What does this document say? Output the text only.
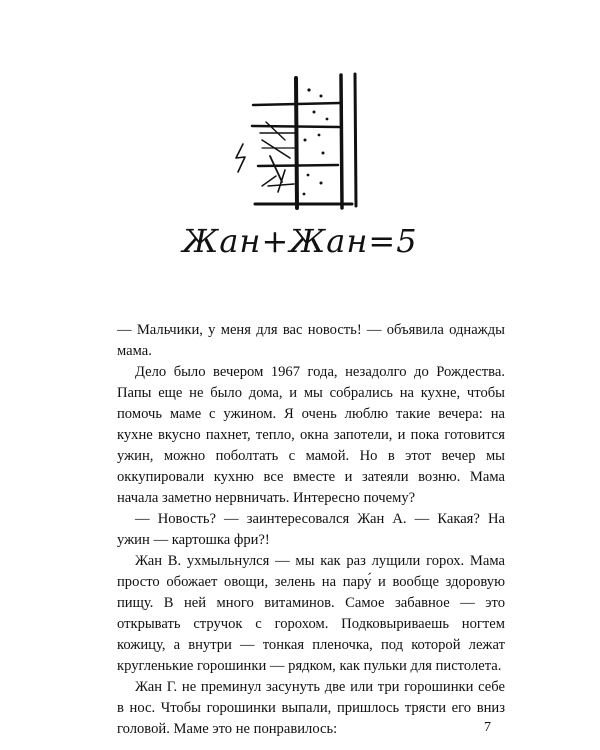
Жан+Жан=5

— Мальчики, у меня для вас новость! — объявила однажды мама.

Дело было вечером 1967 года, незадолго до Рождества. Папы еще не было дома, и мы собрались на кухне, чтобы помочь маме с ужином. Я очень люблю такие вечера: на кухне вкусно пахнет, тепло, окна запотели, и пока готовится ужин, можно поболтать с мамой. Но в этот вечер мы оккупировали кухню все вместе и затеяли возню. Мама начала заметно нервничать. Интересно почему?

— Новость? — заинтересовался Жан А. — Какая? На ужин — картошка фри?!

Жан В. ухмыльнулся — мы как раз лущили горох. Мама просто обожает овощи, зелень на пару́ и вообще здоровую пищу. В ней много витаминов. Самое забавное — это открывать стручок с горохом. Подковыриваешь ногтем кожицу, а внутри — тонкая пленочка, под которой лежат кругленькие горошинки — рядком, как пульки для пистолета.

Жан Г. не преминул засунуть две или три горошинки себе в нос. Чтобы горошинки выпали, пришлось трясти его вниз головой. Маме это не понравилось:	7
